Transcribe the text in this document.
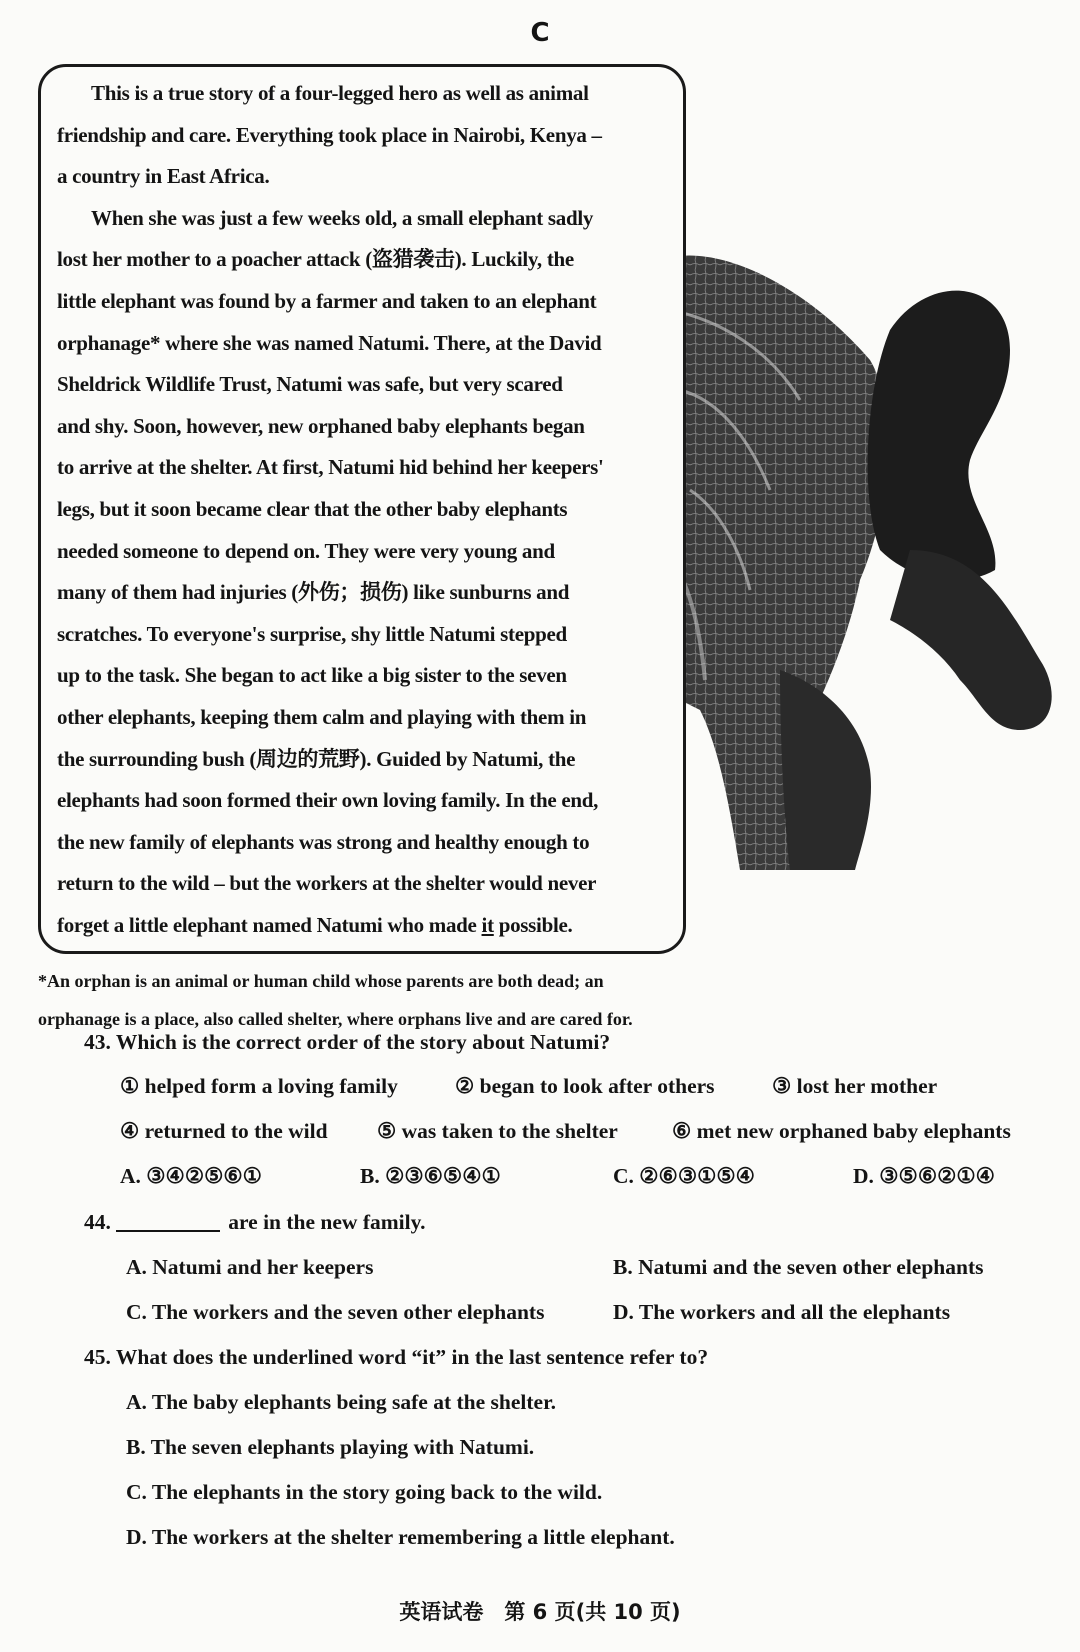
C
This is a true story of a four-legged hero as well as animal
friendship and care. Everything took place in Nairobi, Kenya –
a country in East Africa.
When she was just a few weeks old, a small elephant sadly
lost her mother to a poacher attack (盗猎袭击). Luckily, the
little elephant was found by a farmer and taken to an elephant
orphanage* where she was named Natumi. There, at the David
Sheldrick Wildlife Trust, Natumi was safe, but very scared
and shy. Soon, however, new orphaned baby elephants began
to arrive at the shelter. At first, Natumi hid behind her keepers'
legs, but it soon became clear that the other baby elephants
needed someone to depend on. They were very young and
many of them had injuries (外伤；损伤) like sunburns and
scratches. To everyone's surprise, shy little Natumi stepped
up to the task. She began to act like a big sister to the seven
other elephants, keeping them calm and playing with them in
the surrounding bush (周边的荒野). Guided by Natumi, the
elephants had soon formed their own loving family. In the end,
the new family of elephants was strong and healthy enough to
return to the wild – but the workers at the shelter would never
forget a little elephant named Natumi who made it possible.
*An orphan is an animal or human child whose parents are both dead; an
orphanage is a place, also called shelter, where orphans live and are cared for.
43. Which is the correct order of the story about Natumi?
① helped form a loving family	② began to look after others	③ lost her mother
④ returned to the wild ⑤ was taken to the shelter	⑥ met new orphaned baby elephants
A. ③④②⑤⑥①	B. ②③⑥⑤④①	C. ②⑥③①⑤④	D. ③⑤⑥②①④
44.	are in the new family.
A. Natumi and her keepers	B. Natumi and the seven other elephants
C. The workers and the seven other elephants	D. The workers and all the elephants
45. What does the underlined word “it” in the last sentence refer to?
A. The baby elephants being safe at the shelter.
B. The seven elephants playing with Natumi.
C. The elephants in the story going back to the wild.
D. The workers at the shelter remembering a little elephant.
英语试卷　第 6 页(共 10 页)
